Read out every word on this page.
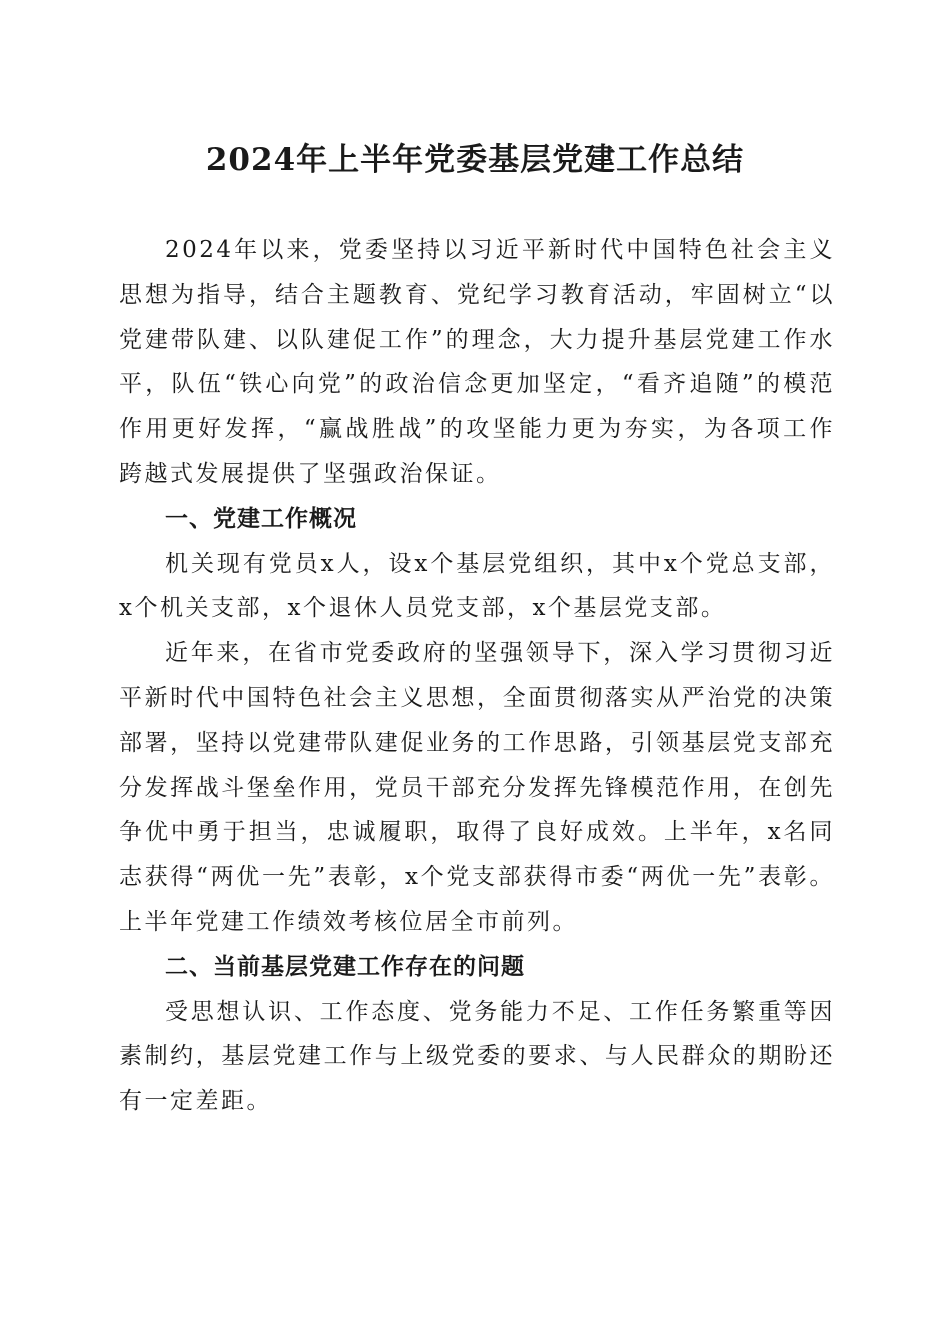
2024年上半年党委基层党建工作总结

2024年以来，党委坚持以习近平新时代中国特色社会主义思想为指导，结合主题教育、党纪学习教育活动，牢固树立“以党建带队建、以队建促工作”的理念，大力提升基层党建工作水平，队伍“铁心向党”的政治信念更加坚定，“看齐追随”的模范作用更好发挥，“赢战胜战”的攻坚能力更为夯实，为各项工作跨越式发展提供了坚强政治保证。

一、党建工作概况

机关现有党员x人，设x个基层党组织，其中x个党总支部，x个机关支部，x个退休人员党支部，x个基层党支部。

近年来，在省市党委政府的坚强领导下，深入学习贯彻习近平新时代中国特色社会主义思想，全面贯彻落实从严治党的决策部署，坚持以党建带队建促业务的工作思路，引领基层党支部充分发挥战斗堡垒作用，党员干部充分发挥先锋模范作用，在创先争优中勇于担当，忠诚履职，取得了良好成效。上半年，x名同志获得“两优一先”表彰，x个党支部获得市委“两优一先”表彰。上半年党建工作绩效考核位居全市前列。

二、当前基层党建工作存在的问题

受思想认识、工作态度、党务能力不足、工作任务繁重等因素制约，基层党建工作与上级党委的要求、与人民群众的期盼还有一定差距。
